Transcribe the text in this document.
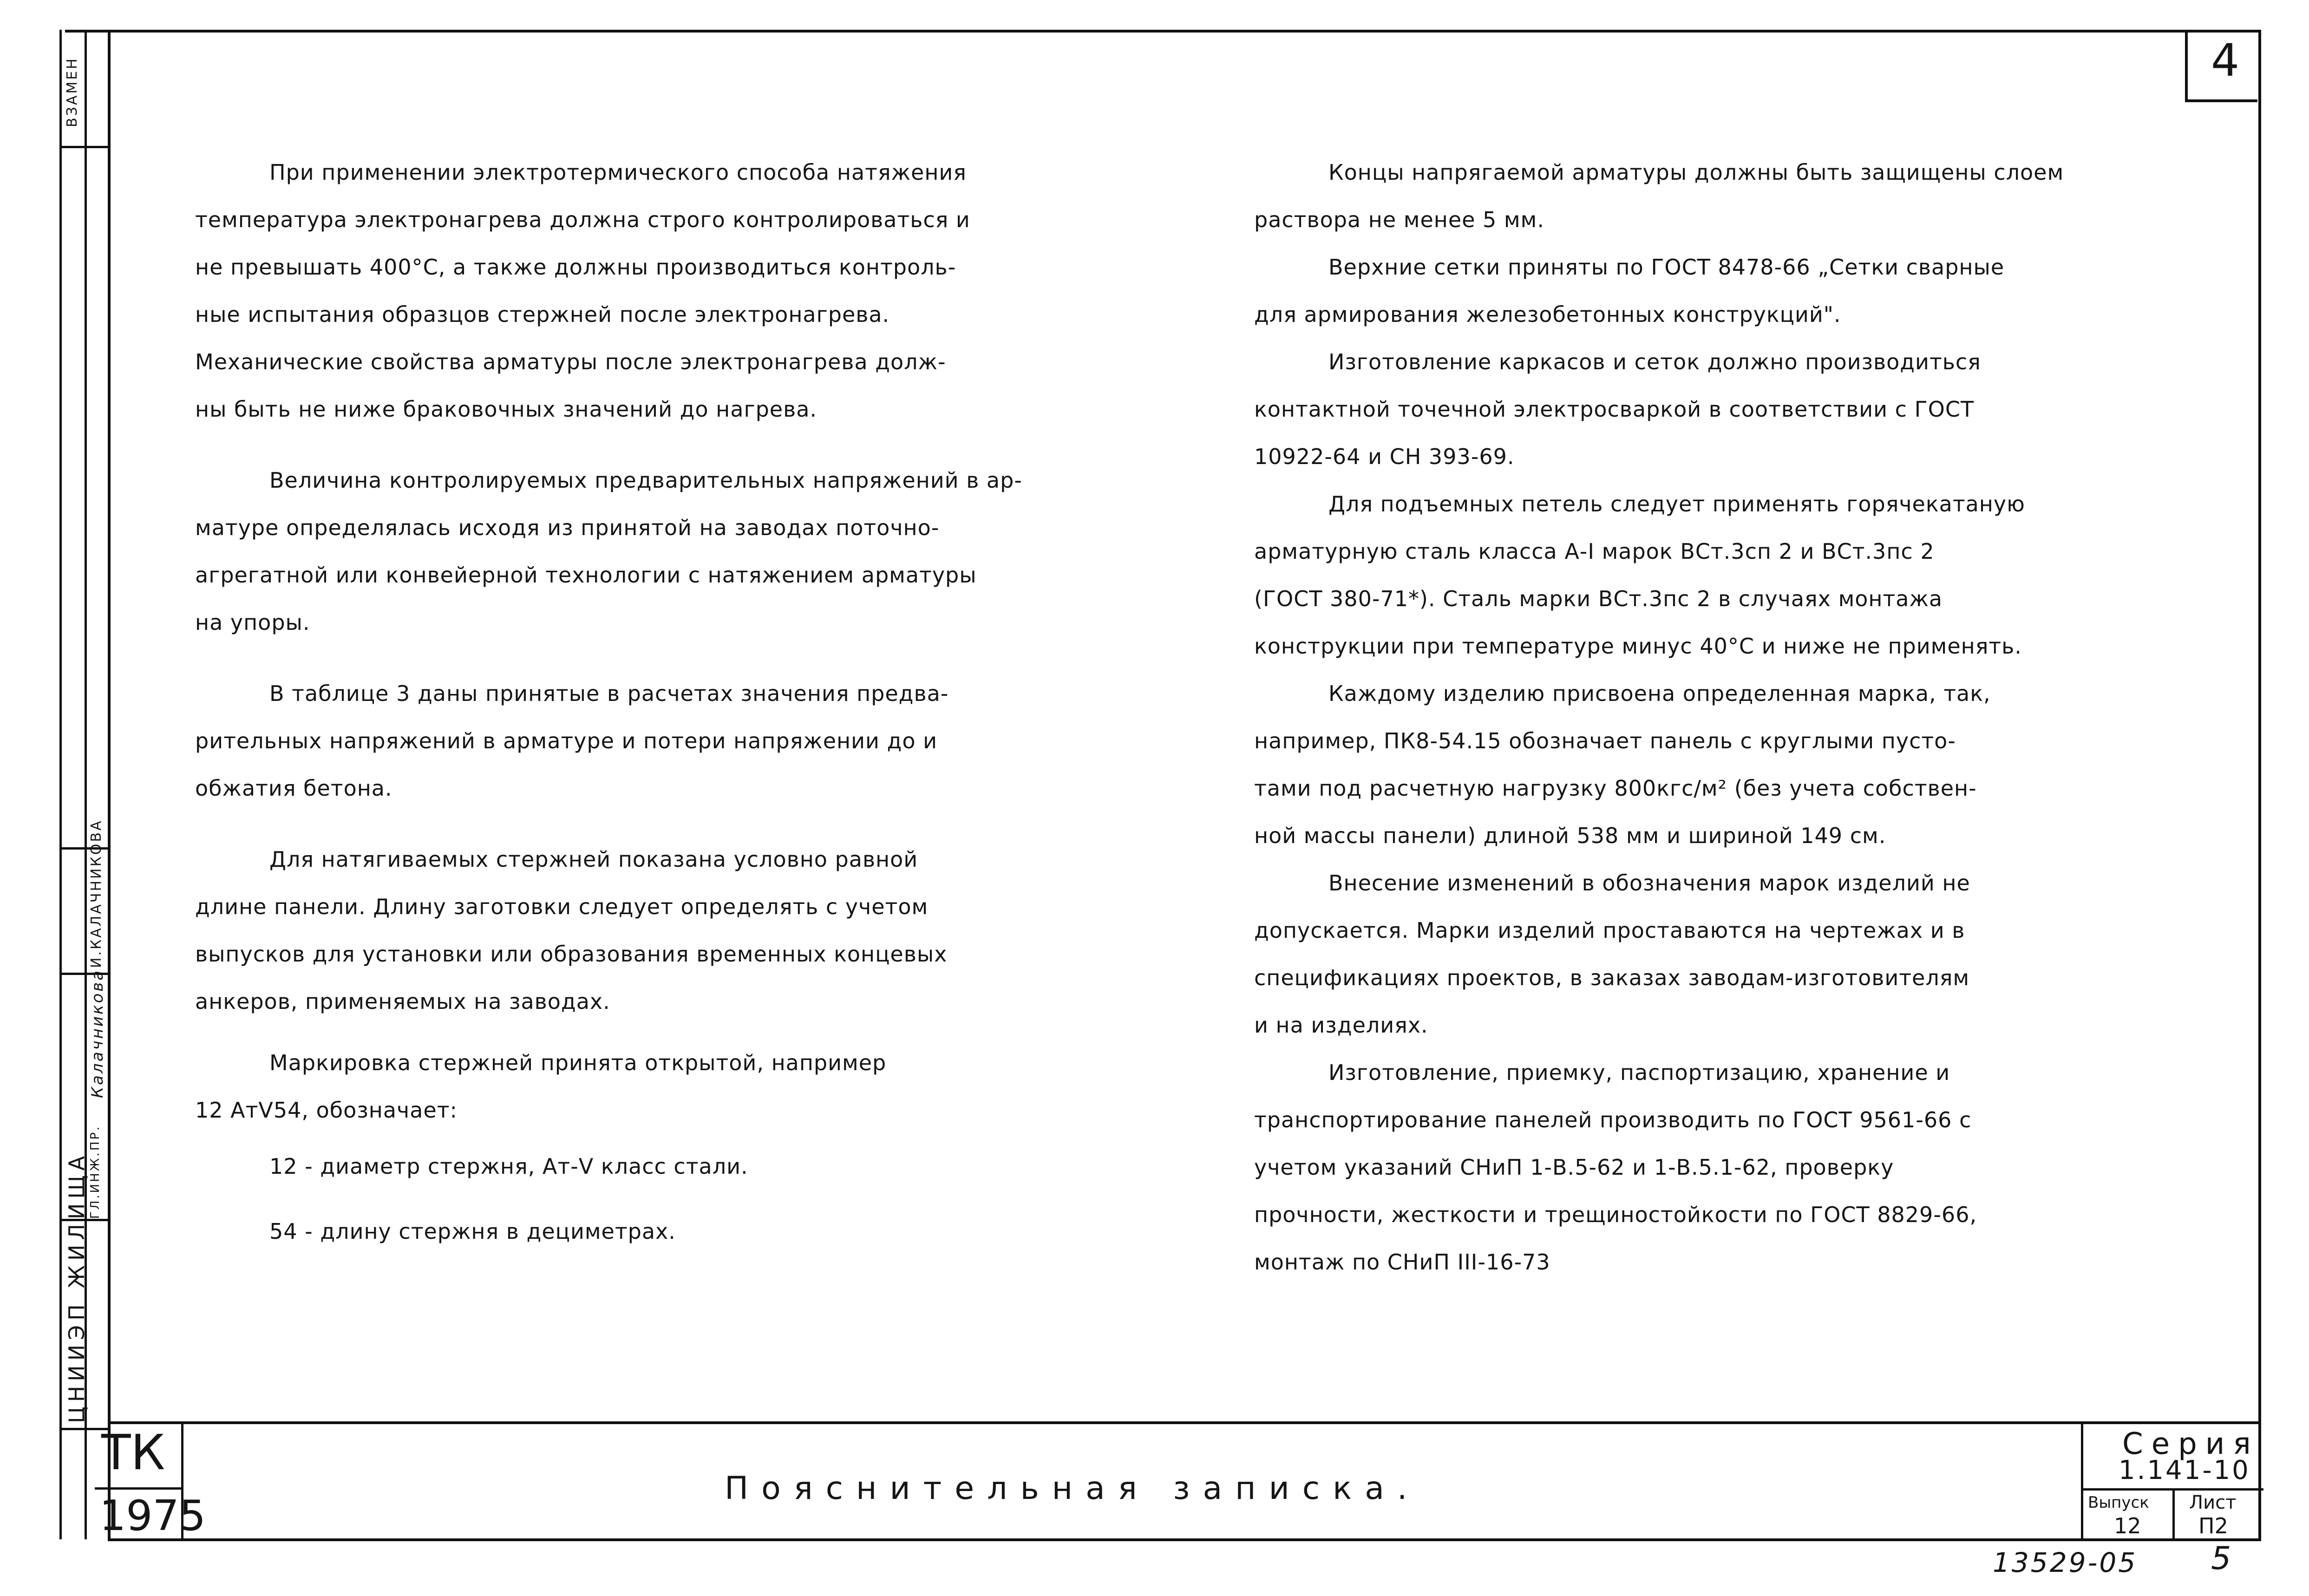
ВЗАМЕН
И.КАЛАЧНИКОВА
ГЛ.ИНЖ.ПР.
Калачникова
ЦНИИЭП ЖИЛИЩА
4

При применении электротермического способа натяжения

температура электронагрева должна строго контролироваться и

не превышать 400°С, а также должны производиться контроль-

ные испытания образцов стержней после электронагрева.

Механические свойства арматуры после электронагрева долж-

ны быть не ниже браковочных значений до нагрева.

Величина контролируемых предварительных напряжений в ар-

матуре определялась исходя из принятой на заводах поточно-

агрегатной или конвейерной технологии с натяжением арматуры

на упоры.

В таблице 3 даны принятые в расчетах значения предва-

рительных напряжений в арматуре и потери напряжении до и

обжатия бетона.

Для натягиваемых стержней показана условно равной

длине панели. Длину заготовки следует определять с учетом

выпусков для установки или образования временных концевых

анкеров, применяемых на заводах.

Маркировка стержней принята открытой, например

12 АтV54, обозначает:

12 - диаметр стержня, Ат-V класс стали.

54 - длину стержня в дециметрах.

Концы напрягаемой арматуры должны быть защищены слоем

раствора не менее 5 мм.

Верхние сетки приняты по ГОСТ 8478-66 „Сетки сварные

для армирования железобетонных конструкций".

Изготовление каркасов и сеток должно производиться

контактной точечной электросваркой в соответствии с ГОСТ

10922-64 и СН 393-69.

Для подъемных петель следует применять горячекатаную

арматурную сталь класса А-I марок ВСт.3сп 2 и ВСт.3пс 2

(ГОСТ 380-71*). Сталь марки ВСт.3пс 2 в случаях монтажа

конструкции при температуре минус 40°С и ниже не применять.

Каждому изделию присвоена определенная марка, так,

например, ПК8-54.15 обозначает панель с круглыми пусто-

тами под расчетную нагрузку 800кгс/м² (без учета собствен-

ной массы панели) длиной 538 мм и шириной 149 см.

Внесение изменений в обозначения марок изделий не

допускается. Марки изделий проставаются на чертежах и в

спецификациях проектов, в заказах заводам-изготовителям

и на изделиях.

Изготовление, приемку, паспортизацию, хранение и

транспортирование панелей производить по ГОСТ 9561-66 с

учетом указаний СНиП 1-В.5-62 и 1-В.5.1-62, проверку

прочности, жесткости и трещиностойкости по ГОСТ 8829-66,

монтаж по СНиП III-16-73

ТК
1975
Пояснительная записка.
Серия
1.141-10
Выпуск
12
Лист
П2
13529-05 5
